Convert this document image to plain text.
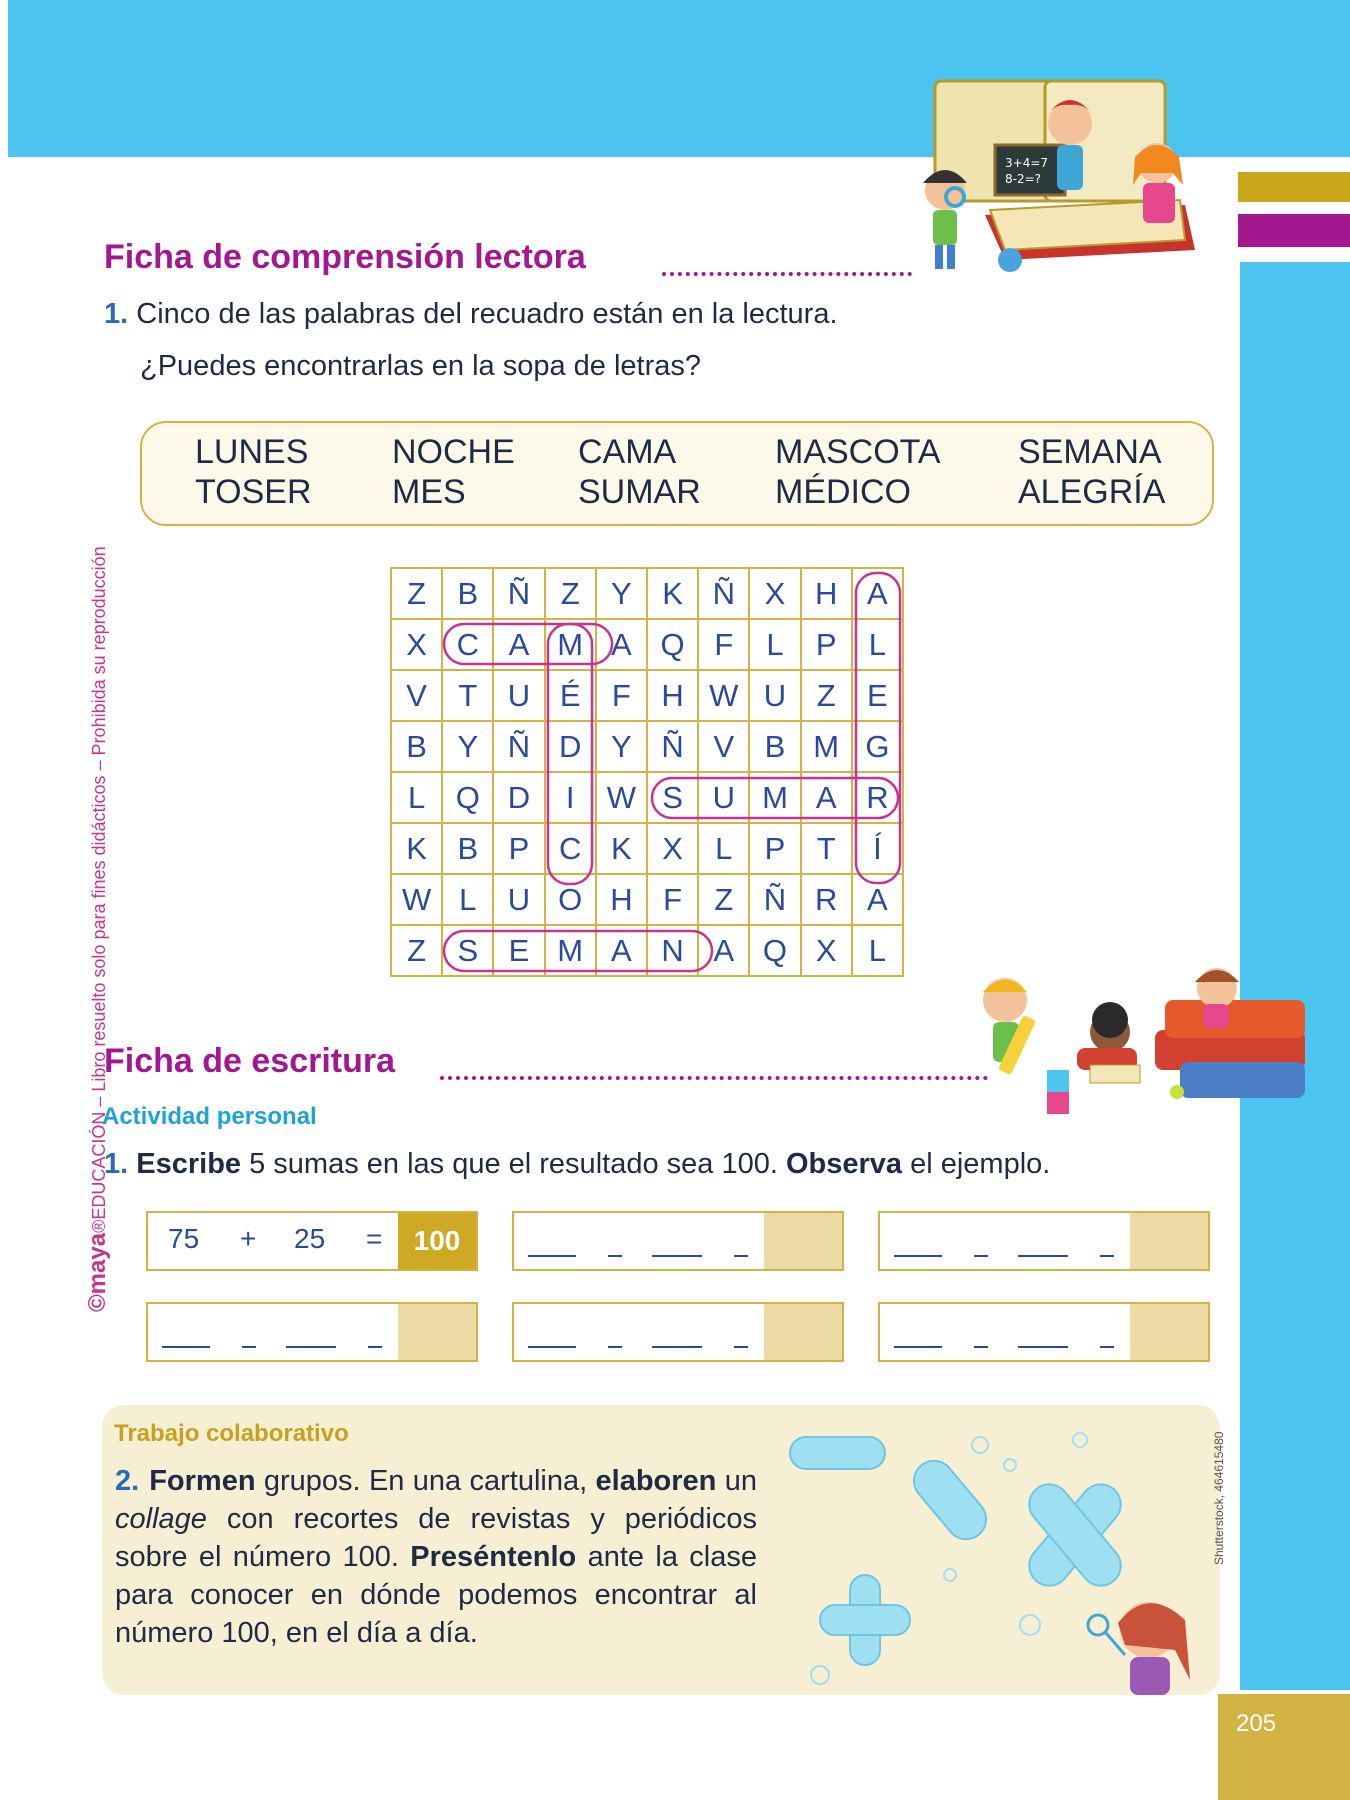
205
©maya®EDUCACIÓN – Libro resuelto solo para fines didácticos – Prohibida su reproducción
3+4=7
8-2=?
Ficha de comprensión lectora
1. Cinco de las palabras del recuadro están en la lectura.
¿Puedes encontrarlas en la sopa de letras?
LUNES
TOSER
NOCHE
MES
CAMA
SUMAR
MASCOTA
MÉDICO
SEMANA
ALEGRÍA
Z	B Ñ Z	Y K Ñ X H A
X C A M A Q F	L	P	L
V	T U É	F H W U Z	E
B Y Ñ D Y Ñ V B M G
L Q D	I	W S U M A R
K B P C K X	L	P	T	Í
W L	U O H F	Z Ñ R A
Z	S E M A N A Q X	L
Ficha de escritura
Actividad personal
1. Escribe 5 sumas en las que el resultado sea 100. Observa el ejemplo.
75 + 25 =	100
Trabajo colaborativo
2. Formen grupos. En una cartulina, elaboren un collage con recortes de revistas y periódicos sobre el número 100. Preséntenlo ante la clase para conocer en dónde podemos encontrar al número 100, en el día a día.
Shutterstock, 464615480
